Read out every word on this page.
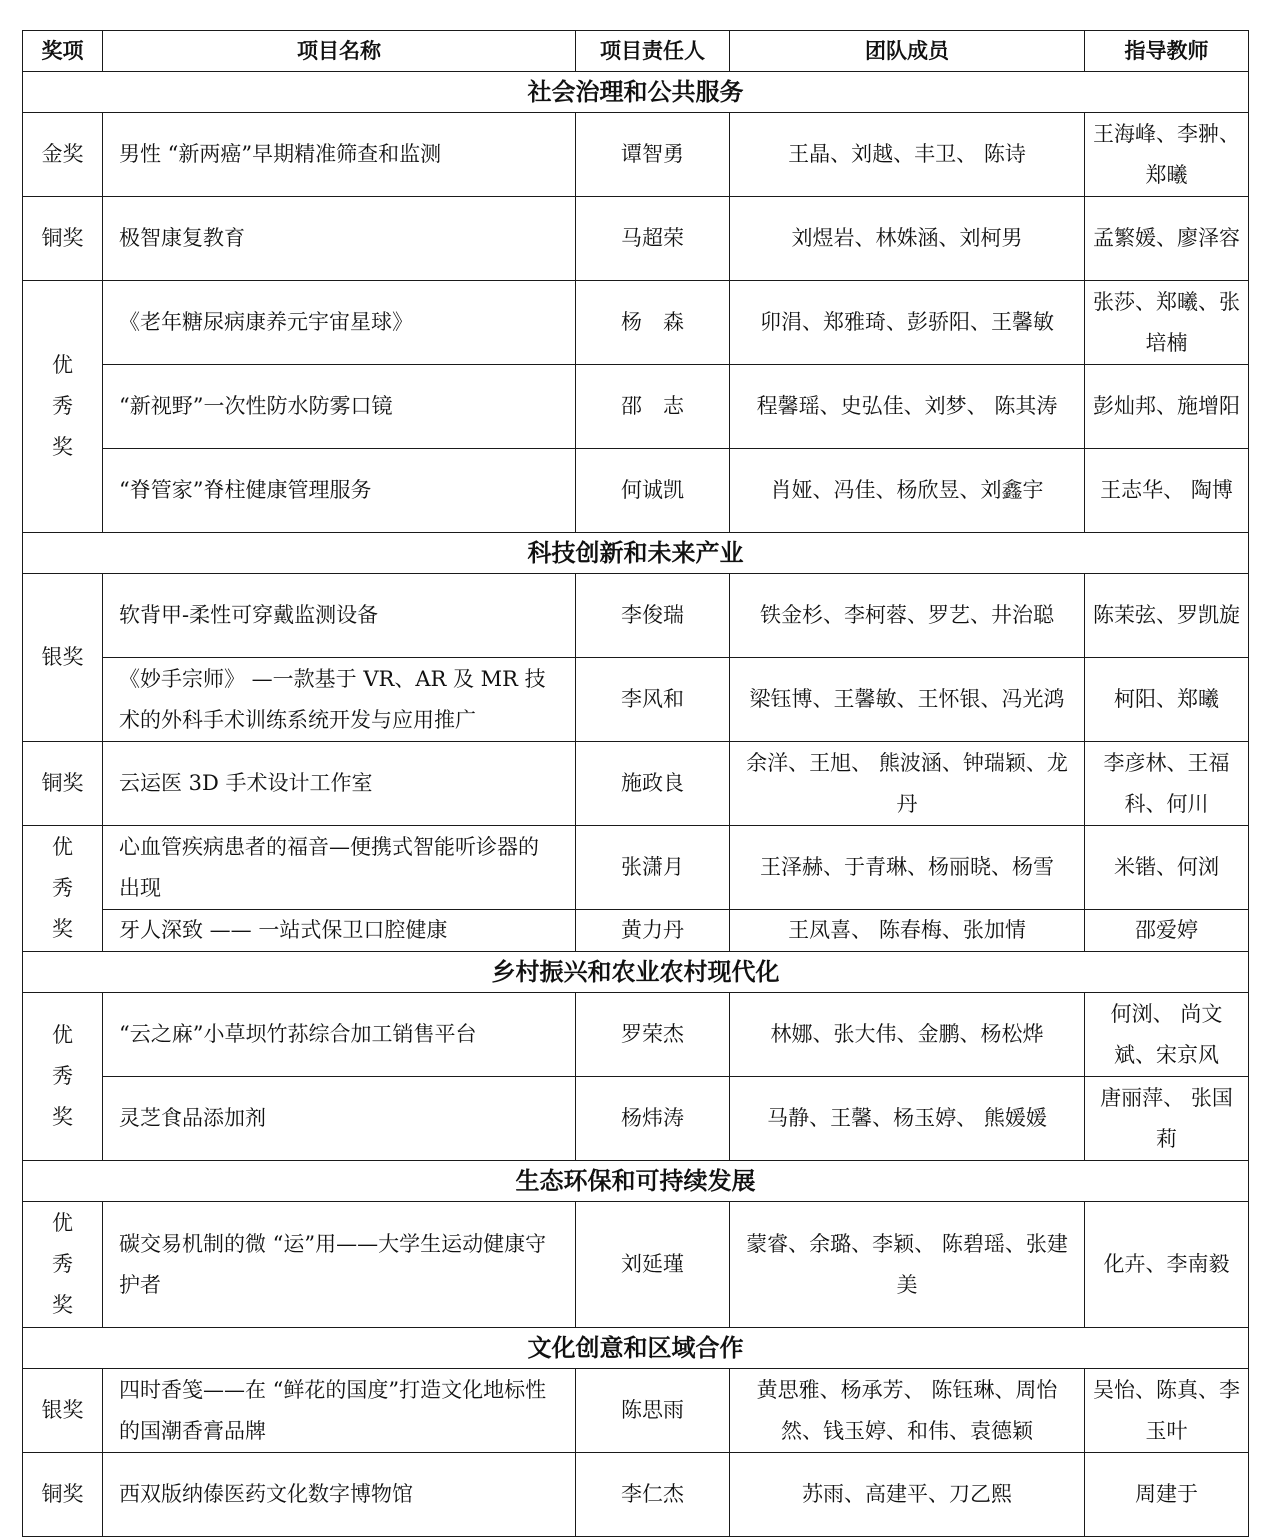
奖项	项目名称	项目责任人	团队成员	指导教师
社会治理和公共服务				
金奖	男性 “新两癌”早期精准筛查和监测	谭智勇	王晶、刘越、丰卫、 陈诗	王海峰、李翀、郑曦
铜奖	极智康复教育	马超荣	刘煜岩、林姝涵、刘柯男	孟繁媛、廖泽容
优秀奖	《老年糖尿病康养元宇宙星球》	杨　森	卯涓、郑雅琦、彭骄阳、王馨敏	张莎、郑曦、张培楠
	“新视野”一次性防水防雾口镜	邵　志	程馨瑶、史弘佳、刘梦、 陈其涛	彭灿邦、施增阳
	“脊管家”脊柱健康管理服务	何诚凯	肖娅、冯佳、杨欣昱、刘鑫宇	王志华、 陶博
科技创新和未来产业				
银奖	软背甲-柔性可穿戴监测设备	李俊瑞	铁金杉、李柯蓉、罗艺、井治聪	陈茉弦、罗凯旋
	《妙手宗师》 —一款基于 VR、AR 及 MR 技术的外科手术训练系统开发与应用推广	李风和	梁钰博、王馨敏、王怀银、冯光鸿	柯阳、郑曦
铜奖	云运医 3D 手术设计工作室	施政良	余洋、王旭、 熊波涵、钟瑞颖、龙丹	李彦林、王福科、何川
优秀奖	心血管疾病患者的福音—便携式智能听诊器的出现	张潇月	王泽赫、于青琳、杨丽晓、杨雪	米锴、何浏
	牙人深致 —— 一站式保卫口腔健康	黄力丹	王凤喜、 陈春梅、张加情	邵爱婷
乡村振兴和农业农村现代化				
优秀奖	“云之麻”小草坝竹荪综合加工销售平台	罗荣杰	林娜、张大伟、金鹏、杨松烨	何浏、 尚文斌、宋京风
	灵芝食品添加剂	杨炜涛	马静、王馨、杨玉婷、 熊媛媛	唐丽萍、 张国莉
生态环保和可持续发展				
优秀奖	碳交易机制的微 “运”用——大学生运动健康守护者	刘延瑾	蒙睿、余璐、李颖、 陈碧瑶、张建美	化卉、李南毅
文化创意和区域合作				
银奖	四时香笺——在 “鲜花的国度”打造文化地标性的国潮香膏品牌	陈思雨	黄思雅、杨承芳、 陈钰琳、周怡然、钱玉婷、和伟、袁德颖	吴怡、陈真、李玉叶
铜奖	西双版纳傣医药文化数字博物馆	李仁杰	苏雨、高建平、刀乙熙	周建于
